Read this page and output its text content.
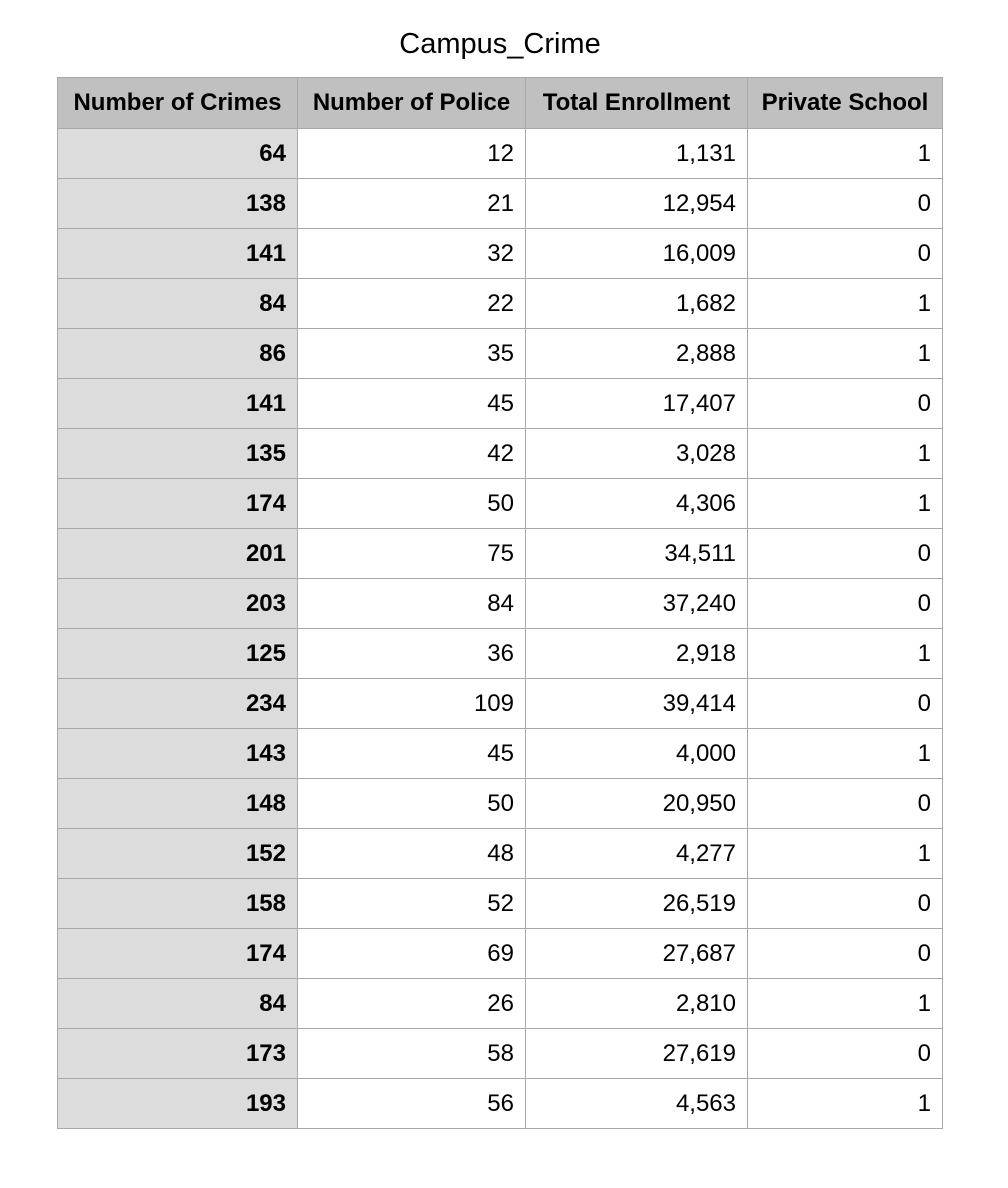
Campus_Crime
Number of Crimes	Number of Police	Total Enrollment	Private School
64	12	1,131	1
138	21	12,954	0
141	32	16,009	0
84	22	1,682	1
86	35	2,888	1
141	45	17,407	0
135	42	3,028	1
174	50	4,306	1
201	75	34,511	0
203	84	37,240	0
125	36	2,918	1
234	109	39,414	0
143	45	4,000	1
148	50	20,950	0
152	48	4,277	1
158	52	26,519	0
174	69	27,687	0
84	26	2,810	1
173	58	27,619	0
193	56	4,563	1
